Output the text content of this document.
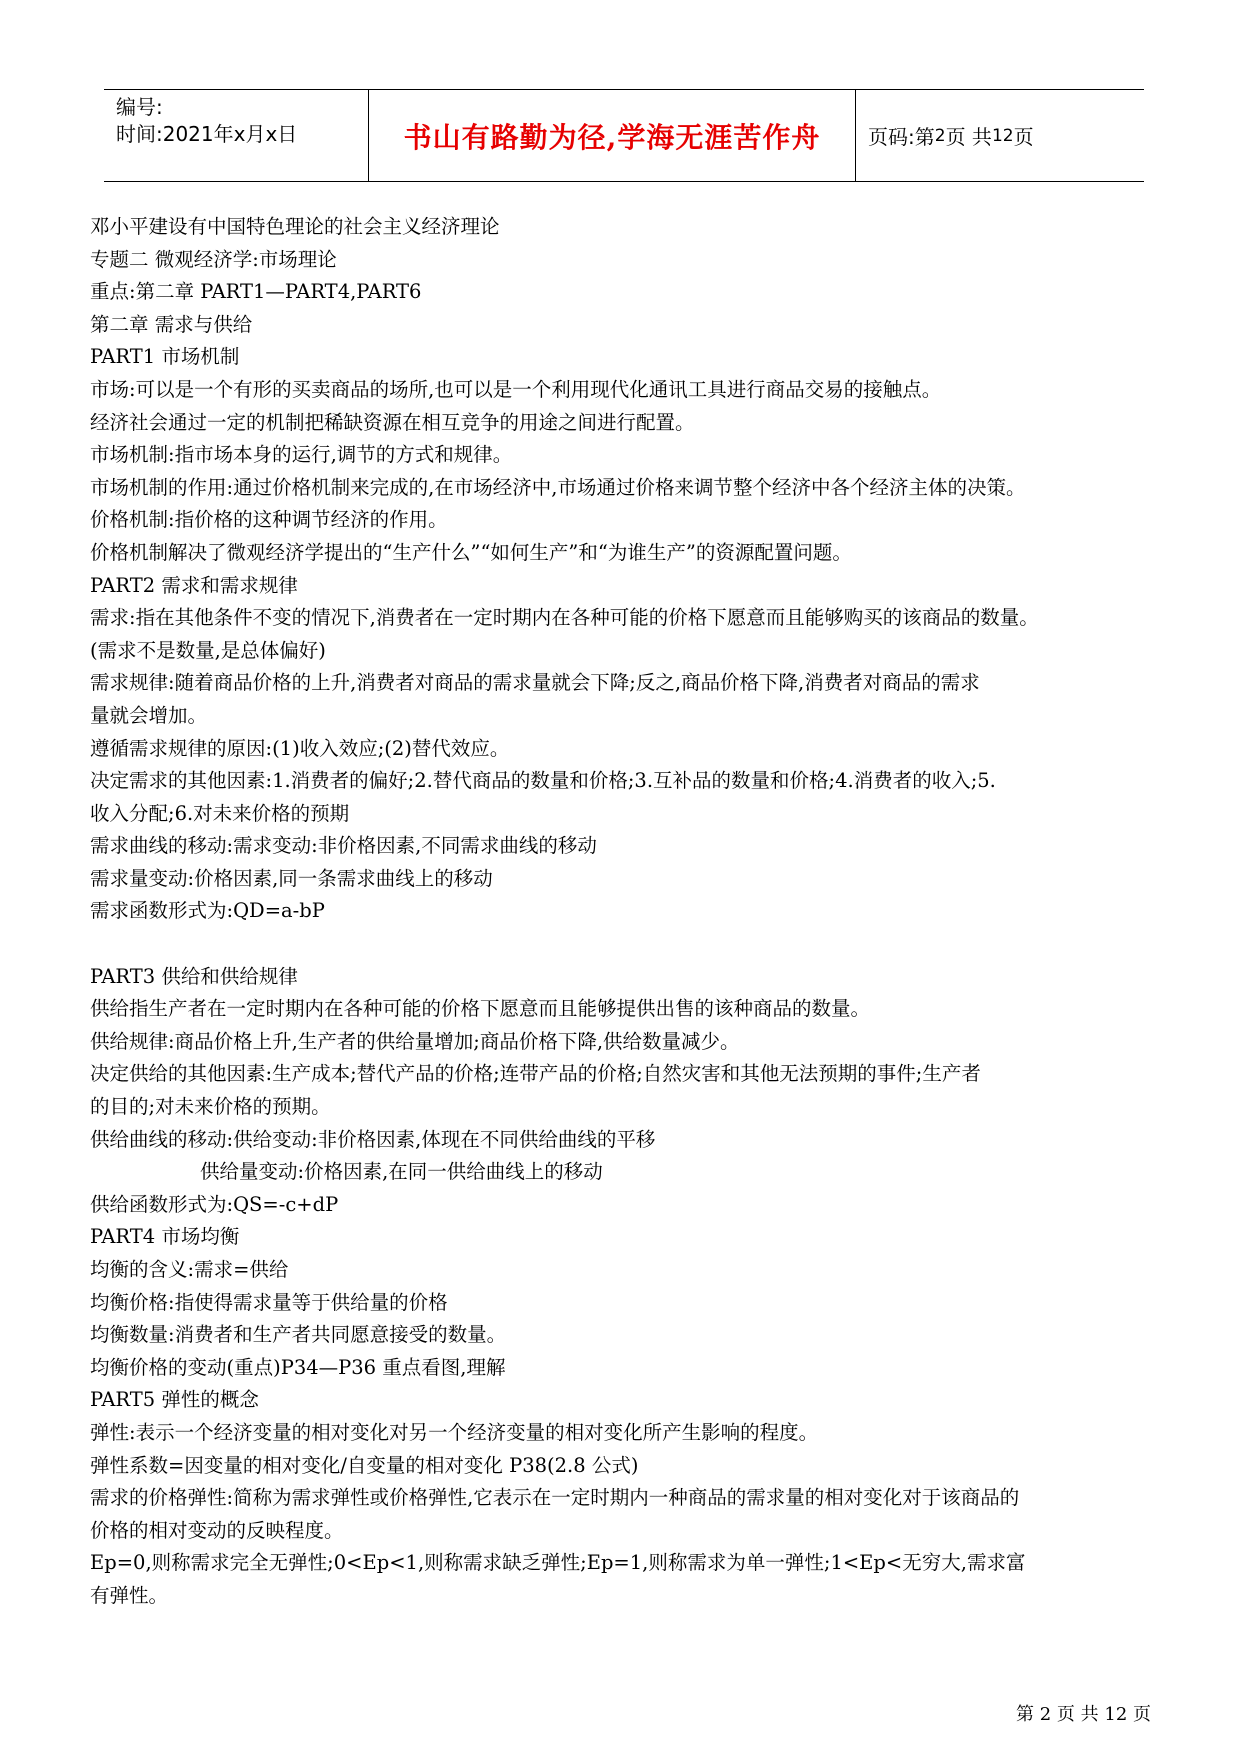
编号:
时间:2021年x月x日	书山有路勤为径,学海无涯苦作舟 页码:第 2 页 共 12 页
邓小平建设有中国特色理论的社会主义经济理论
专题二 微观经济学:市场理论
重点:第二章 PART1—PART4,PART6
第二章 需求与供给
PART1 市场机制
市场:可以是一个有形的买卖商品的场所,也可以是一个利用现代化通讯工具进行商品交易的接触点。
经济社会通过一定的机制把稀缺资源在相互竞争的用途之间进行配置。
市场机制:指市场本身的运行,调节的方式和规律。
市场机制的作用:通过价格机制来完成的,在市场经济中,市场通过价格来调节整个经济中各个经济主体的决策。
价格机制:指价格的这种调节经济的作用。
价格机制解决了微观经济学提出的“生产什么”“如何生产”和“为谁生产”的资源配置问题。
PART2 需求和需求规律
需求:指在其他条件不变的情况下,消费者在一定时期内在各种可能的价格下愿意而且能够购买的该商品的数量。
(需求不是数量,是总体偏好)
需求规律:随着商品价格的上升,消费者对商品的需求量就会下降;反之,商品价格下降,消费者对商品的需求
量就会增加。
遵循需求规律的原因:(1)收入效应;(2)替代效应。
决定需求的其他因素:1.消费者的偏好;2.替代商品的数量和价格;3.互补品的数量和价格;4.消费者的收入;5.
收入分配;6.对未来价格的预期
需求曲线的移动:需求变动:非价格因素,不同需求曲线的移动
需求量变动:价格因素,同一条需求曲线上的移动
需求函数形式为:QD=a-bP
PART3 供给和供给规律
供给指生产者在一定时期内在各种可能的价格下愿意而且能够提供出售的该种商品的数量。
供给规律:商品价格上升,生产者的供给量增加;商品价格下降,供给数量减少。
决定供给的其他因素:生产成本;替代产品的价格;连带产品的价格;自然灾害和其他无法预期的事件;生产者
的目的;对未来价格的预期。
供给曲线的移动:供给变动:非价格因素,体现在不同供给曲线的平移
供给量变动:价格因素,在同一供给曲线上的移动
供给函数形式为:QS=-c+dP
PART4 市场均衡
均衡的含义:需求=供给
均衡价格:指使得需求量等于供给量的价格
均衡数量:消费者和生产者共同愿意接受的数量。
均衡价格的变动(重点)P34—P36 重点看图,理解
PART5 弹性的概念
弹性:表示一个经济变量的相对变化对另一个经济变量的相对变化所产生影响的程度。
弹性系数=因变量的相对变化/自变量的相对变化 P38(2.8 公式)
需求的价格弹性:简称为需求弹性或价格弹性,它表示在一定时期内一种商品的需求量的相对变化对于该商品的
价格的相对变动的反映程度。
Ep=0,则称需求完全无弹性;0<Ep<1,则称需求缺乏弹性;Ep=1,则称需求为单一弹性;1<Ep<无穷大,需求富
有弹性。
第 2 页 共 12 页
